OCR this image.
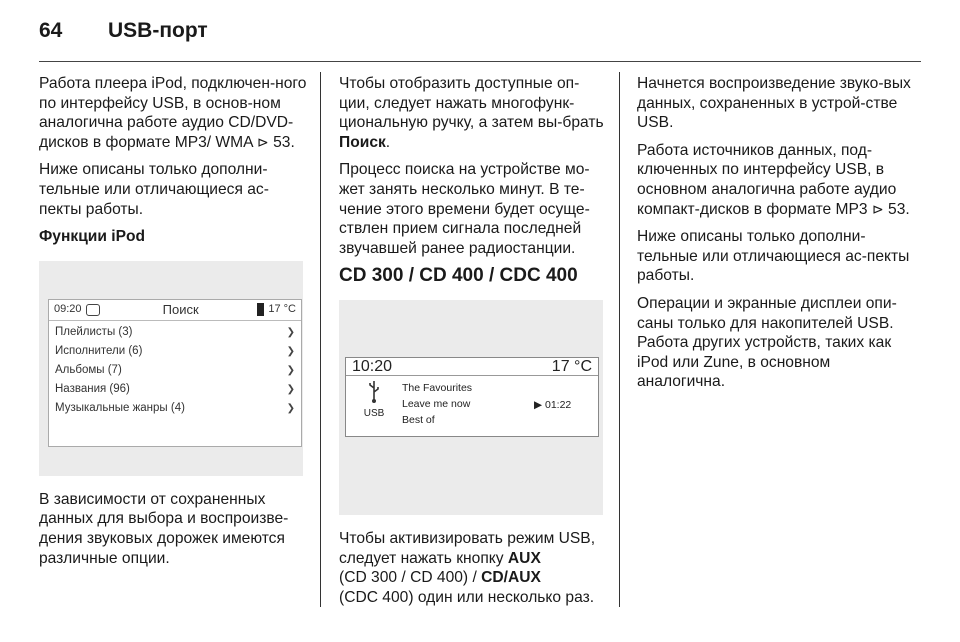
64	USB-порт

Работа плеера iPod, подключен-ного по интерфейсу USB, в основ-ном аналогична работе аудио CD/DVD-дисков в формате MP3/ WMA ⊳ 53.

Ниже описаны только дополни-тельные или отличающиеся ас-пекты работы.

Функции iPod
09:20	Поиск	17 °C
Плейлисты (3)	❯
Исполнители (6)	❯
Альбомы (7)	❯
Названия (96)	❯
Музыкальные жанры (4)	❯

В зависимости от сохраненных данных для выбора и воспроизве-дения звуковых дорожек имеются различные опции.

Чтобы отобразить доступные оп-ции, следует нажать многофунк-циональную ручку, а затем вы-брать Поиск.

Процесс поиска на устройстве мо-жет занять несколько минут. В те-чение этого времени будет осуще-ствлен прием сигнала последней звучавшей ранее радиостанции.

CD 300 / CD 400 / CDC 400
10:20	17 °C
USB
The Favourites
Leave me now
Best of
▶ 01:22

Чтобы активизировать режим USB, следует нажать кнопку AUX
(CD 300 / CD 400) / CD/AUX
(CDC 400) один или несколько раз.

Начнется воспроизведение звуко-вых данных, сохраненных в устрой-стве USB.

Работа источников данных, под-ключенных по интерфейсу USB, в основном аналогична работе аудио компакт-дисков в формате MP3 ⊳ 53.

Ниже описаны только дополни-тельные или отличающиеся ас-пекты работы.

Операции и экранные дисплеи опи-саны только для накопителей USB. Работа других устройств, таких как iPod или Zune, в основном аналогична.
